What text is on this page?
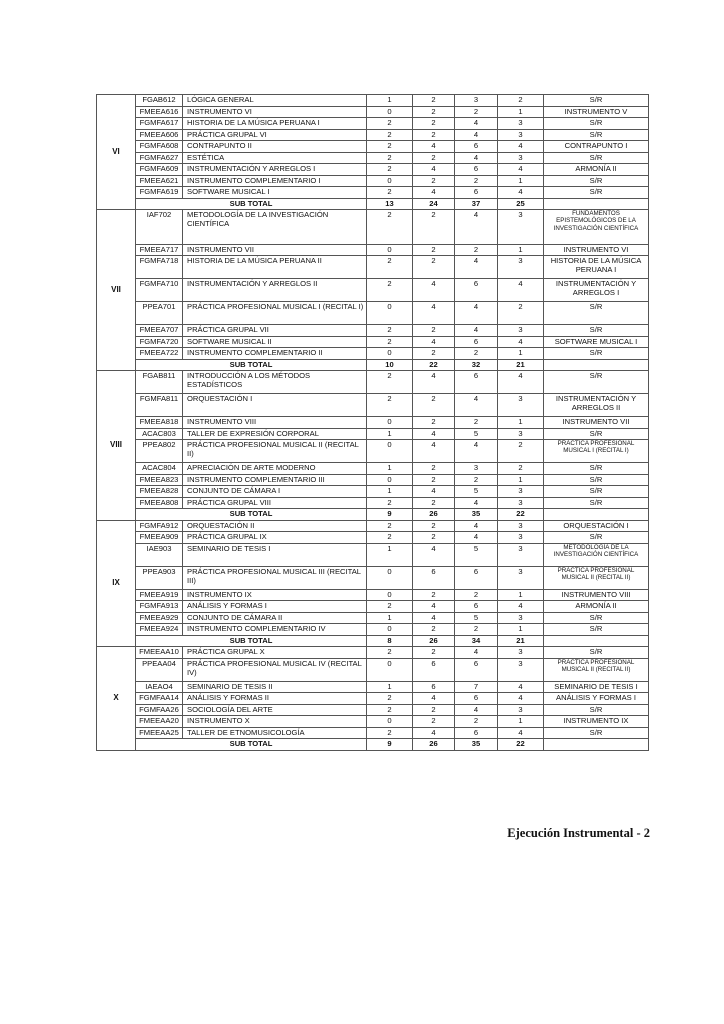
VI	FGAB612	LÓGICA GENERAL	1	2	3	2	S/R
	FMEEA616	INSTRUMENTO VI	0	2	2	1	INSTRUMENTO V
	FGMFA617	HISTORIA DE LA MÚSICA PERUANA I	2	2	4	3	S/R
	FMEEA606	PRÁCTICA GRUPAL VI	2	2	4	3	S/R
	FGMFA608	CONTRAPUNTO II	2	4	6	4	CONTRAPUNTO I
	FGMFA627	ESTÉTICA	2	2	4	3	S/R
	FGMFA609	INSTRUMENTACIÓN Y ARREGLOS I	2	4	6	4	ARMONÍA II
	FMEEA621	INSTRUMENTO COMPLEMENTARIO I	0	2	2	1	S/R
	FGMFA619	SOFTWARE MUSICAL I	2	4	6	4	S/R
	SUB TOTAL		13	24	37	25	
VII	IAF702	METODOLOGÍA DE LA INVESTIGACIÓN CIENTÍFICA	2	2	4	3	FUNDAMENTOS EPISTEMOLÓGICOS DE LA INVESTIGACIÓN CIENTÍFICA
	FMEEA717	INSTRUMENTO VII	0	2	2	1	INSTRUMENTO VI
	FGMFA718	HISTORIA DE LA MÚSICA PERUANA II	2	2	4	3	HISTORIA DE LA MÚSICA PERUANA I
	FGMFA710	INSTRUMENTACIÓN Y ARREGLOS II	2	4	6	4	INSTRUMENTACIÓN Y ARREGLOS I
	PPEA701	PRÁCTICA PROFESIONAL MUSICAL I (RECITAL I)	0	4	4	2	S/R
	FMEEA707	PRÁCTICA GRUPAL VII	2	2	4	3	S/R
	FGMFA720	SOFTWARE MUSICAL II	2	4	6	4	SOFTWARE MUSICAL I
	FMEEA722	INSTRUMENTO COMPLEMENTARIO II	0	2	2	1	S/R
	SUB TOTAL		10	22	32	21	
VIII	FGAB811	INTRODUCCIÓN A LOS MÉTODOS ESTADÍSTICOS	2	4	6	4	S/R
	FGMFA811	ORQUESTACIÓN I	2	2	4	3	INSTRUMENTACIÓN Y ARREGLOS II
	FMEEA818	INSTRUMENTO VIII	0	2	2	1	INSTRUMENTO VII
	ACAC803	TALLER DE EXPRESIÓN CORPORAL	1	4	5	3	S/R
	PPEA802	PRÁCTICA PROFESIONAL MUSICAL II (RECITAL II)	0	4	4	2	PRÁCTICA PROFESIONAL MUSICAL I (RECITAL I)
	ACAC804	APRECIACIÓN DE ARTE MODERNO	1	2	3	2	S/R
	FMEEA823	INSTRUMENTO COMPLEMENTARIO III	0	2	2	1	S/R
	FMEEA828	CONJUNTO DE CÁMARA I	1	4	5	3	S/R
	FMEEA808	PRÁCTICA GRUPAL VIII	2	2	4	3	S/R
	SUB TOTAL		9	26	35	22	
IX	FGMFA912	ORQUESTACIÓN II	2	2	4	3	ORQUESTACIÓN I
	FMEEA909	PRÁCTICA GRUPAL IX	2	2	4	3	S/R
	IAE903	SEMINARIO DE TESIS I	1	4	5	3	METODOLOGÍA DE LA INVESTIGACIÓN CIENTÍFICA
	PPEA903	PRÁCTICA PROFESIONAL MUSICAL III (RECITAL III)	0	6	6	3	PRÁCTICA PROFESIONAL MUSICAL II (RECITAL II)
	FMEEA919	INSTRUMENTO IX	0	2	2	1	INSTRUMENTO VIII
	FGMFA913	ANÁLISIS Y FORMAS I	2	4	6	4	ARMONÍA II
	FMEEA929	CONJUNTO DE CÁMARA II	1	4	5	3	S/R
	FMEEA924	INSTRUMENTO COMPLEMENTARIO IV	0	2	2	1	S/R
	SUB TOTAL		8	26	34	21	
X	FMEEAA10	PRÁCTICA GRUPAL X	2	2	4	3	S/R
	PPEAA04	PRÁCTICA PROFESIONAL MUSICAL IV (RECITAL IV)	0	6	6	3	PRÁCTICA PROFESIONAL MUSICAL II (RECITAL II)
	IAEAO4	SEMINARIO DE TESIS II	1	6	7	4	SEMINARIO DE TESIS I
	FGMFAA14	ANÁLISIS Y FORMAS II	2	4	6	4	ANÁLISIS Y FORMAS I
	FGMFAA26	SOCIOLOGÍA DEL ARTE	2	2	4	3	S/R
	FMEEAA20	INSTRUMENTO X	0	2	2	1	INSTRUMENTO IX
	FMEEAA25	TALLER DE ETNOMUSICOLOGÍA	2	4	6	4	S/R
	SUB TOTAL		9	26	35	22	
Ejecución Instrumental - 2
